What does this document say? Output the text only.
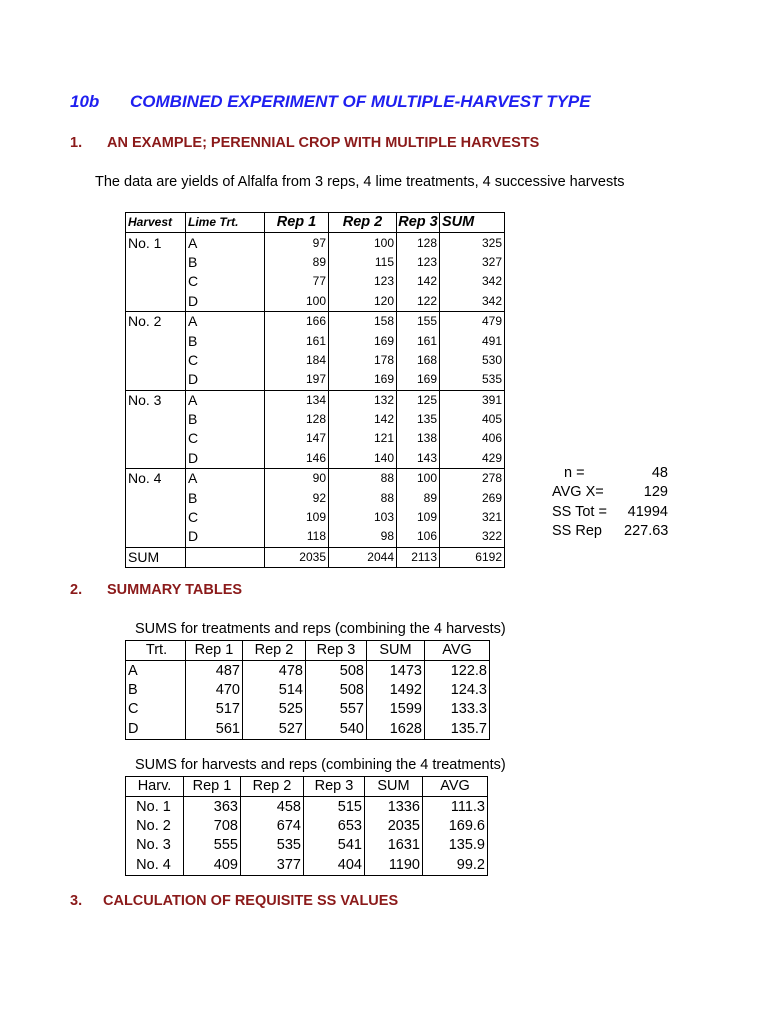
10b COMBINED EXPERIMENT OF MULTIPLE-HARVEST TYPE
1. AN EXAMPLE; PERENNIAL CROP WITH MULTIPLE HARVESTS
The data are yields of Alfalfa from 3 reps, 4 lime treatments, 4 successive harvests
Harvest	Lime Trt.	Rep 1	Rep 2	Rep 3	SUM
No. 1	A	97	100	128	325
	B	89	115	123	327
	C	77	123	142	342
	D	100	120	122	342
No. 2	A	166	158	155	479
	B	161	169	161	491
	C	184	178	168	530
	D	197	169	169	535
No. 3	A	134	132	125	391
	B	128	142	135	405
	C	147	121	138	406
	D	146	140	143	429
No. 4	A	90	88	100	278
	B	92	88	89	269
	C	109	103	109	321
	D	118	98	106	322
SUM		2035	2044	2113	6192
n =	48
AVG X=	129
SS Tot = 41994
SS Rep 227.63
2. SUMMARY TABLES
SUMS for treatments and reps (combining the 4 harvests)
Trt.	Rep 1	Rep 2	Rep 3	SUM	AVG
A	487	478	508	1473	122.8
B	470	514	508	1492	124.3
C	517	525	557	1599	133.3
D	561	527	540	1628	135.7
SUMS for harvests and reps (combining the 4 treatments)
Harv.	Rep 1	Rep 2	Rep 3	SUM	AVG
No. 1	363	458	515	1336	111.3
No. 2	708	674	653	2035	169.6
No. 3	555	535	541	1631	135.9
No. 4	409	377	404	1190	99.2
3. CALCULATION OF REQUISITE SS VALUES
